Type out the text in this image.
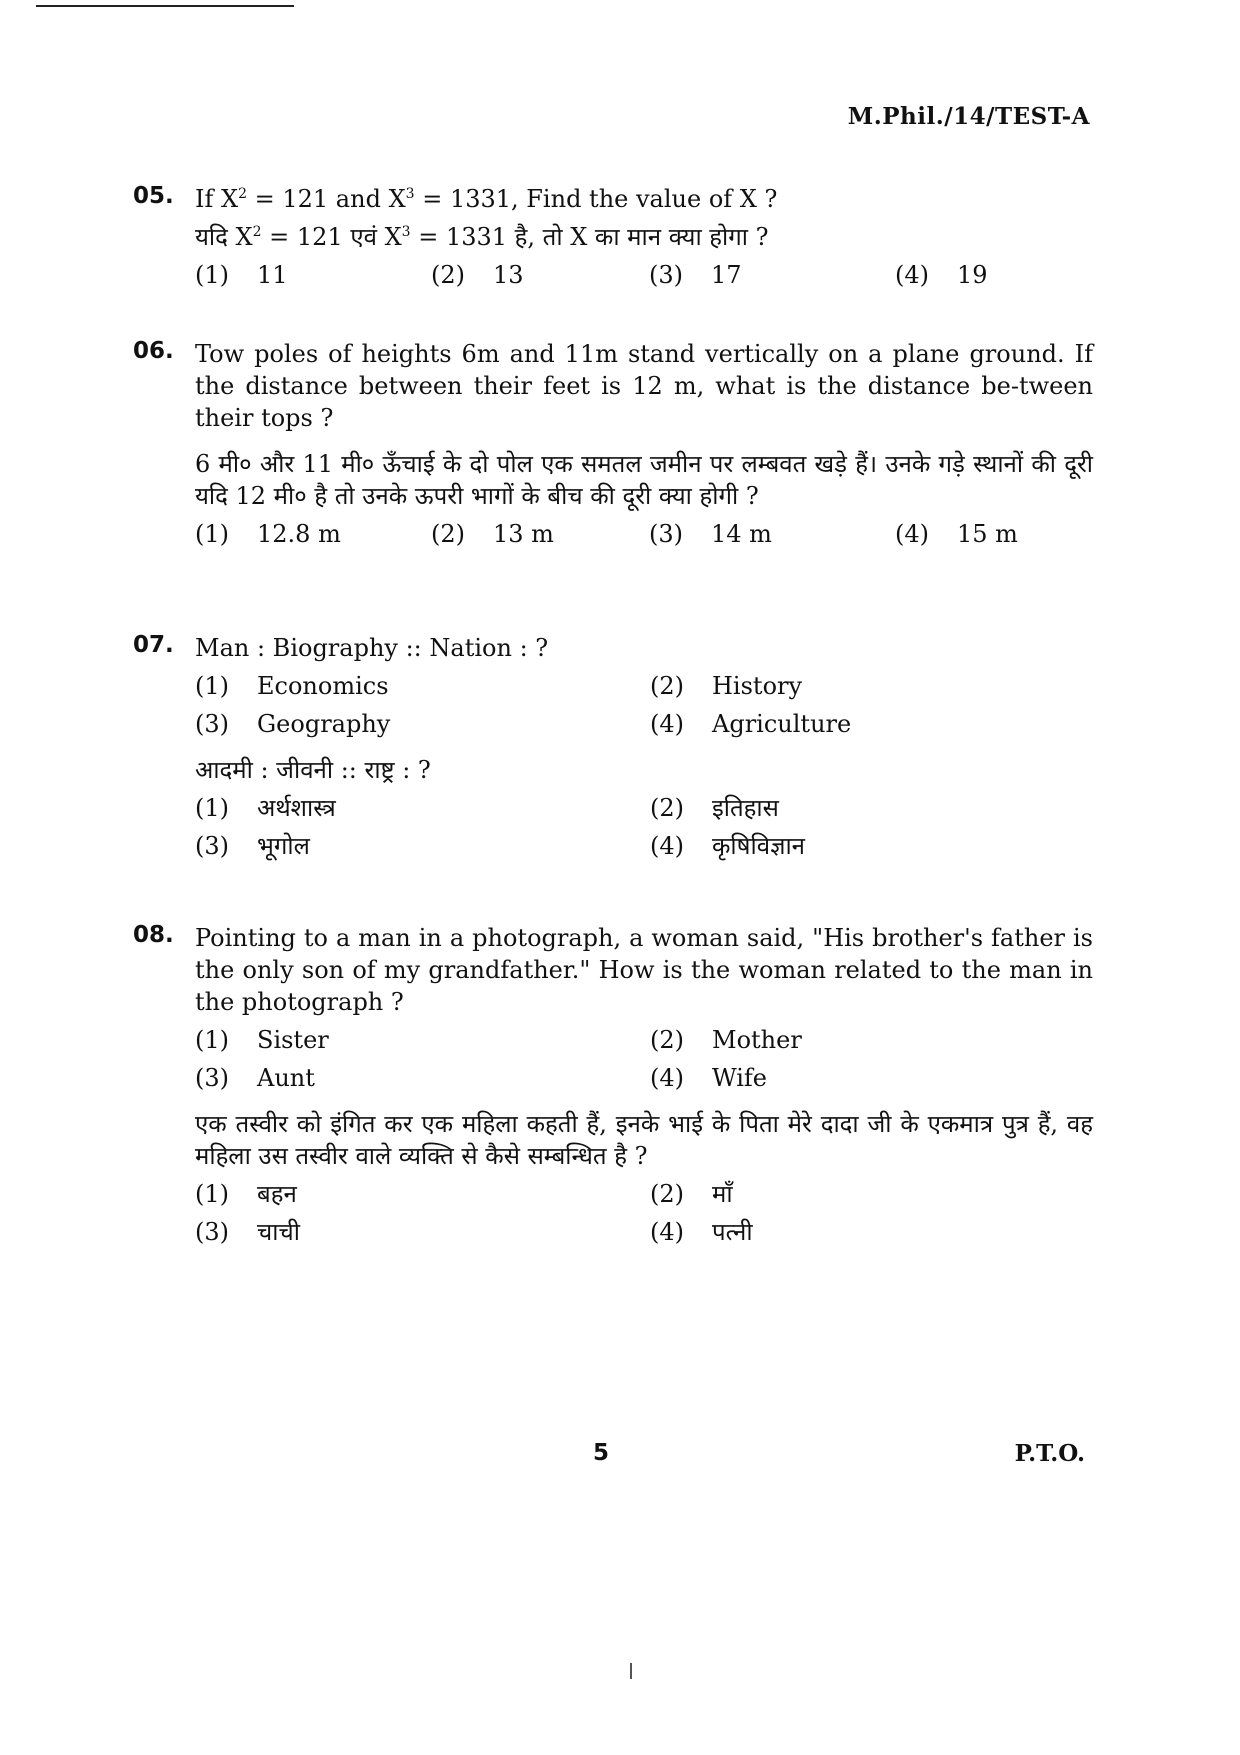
M.Phil./14/TEST-A
05. If $X^2 = 121$ and $X^3 = 1331$, Find the value of X ?

यदि $X^2 = 121$ एवं $X^3 = 1331$ है, तो X का मान क्या होगा ?

(1)	11	(2)	13	(3)	17	(4)	19
06. Tow poles of heights 6m and 11m stand vertically on a plane ground. If the distance between their feet is 12 m, what is the distance be-tween their tops ?

6 मी० और 11 मी० ऊँचाई के दो पोल एक समतल जमीन पर लम्बवत खड़े हैं। उनके गड़े स्थानों की दूरी यदि 12 मी० है तो उनके ऊपरी भागों के बीच की दूरी क्या होगी ?

(1)	12.8 m	(2)	13 m	(3)	14 m	(4)	15 m
07. Man : Biography :: Nation : ?

(1) Economics	(2) History
(3) Geography	(4) Agriculture

आदमी : जीवनी :: राष्ट्र : ?

(1) अर्थशास्त्र	(2) इतिहास
(3) भूगोल	(4) कृषिविज्ञान
08. Pointing to a man in a photograph, a woman said, "His brother's father is the only son of my grandfather." How is the woman related to the man in the photograph ?

(1) Sister	(2) Mother
(3) Aunt	(4) Wife

एक तस्वीर को इंगित कर एक महिला कहती हैं, इनके भाई के पिता मेरे दादा जी के एकमात्र पुत्र हैं, वह महिला उस तस्वीर वाले व्यक्ति से कैसे सम्बन्धित है ?

(1) बहन	(2) माँ
(3) चाची	(4) पत्नी
5	P.T.O.
